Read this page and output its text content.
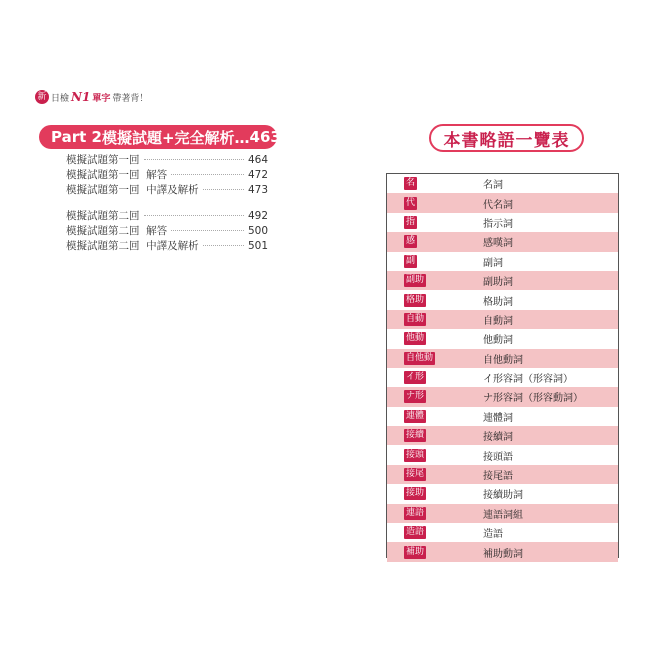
新 日檢 N1 單字 帶著背！
Part 2 模擬試題+完全解析… 463
模擬試題第一回	464
模擬試題第一回  解答	472
模擬試題第一回  中譯及解析	473
模擬試題第二回	492
模擬試題第二回  解答	500
模擬試題第二回  中譯及解析	501
本書略語一覽表
名	名詞
代	代名詞
指	指示詞
感	感嘆詞
副	副詞
副助	副助詞
格助	格助詞
自動	自動詞
他動	他動詞
自他動	自他動詞
イ形	イ形容詞（形容詞）
ナ形	ナ形容詞（形容動詞）
連體	連體詞
接續	接續詞
接頭	接頭語
接尾	接尾語
接助	接續助詞
連語	連語詞組
造語	造語
補助	補助動詞
